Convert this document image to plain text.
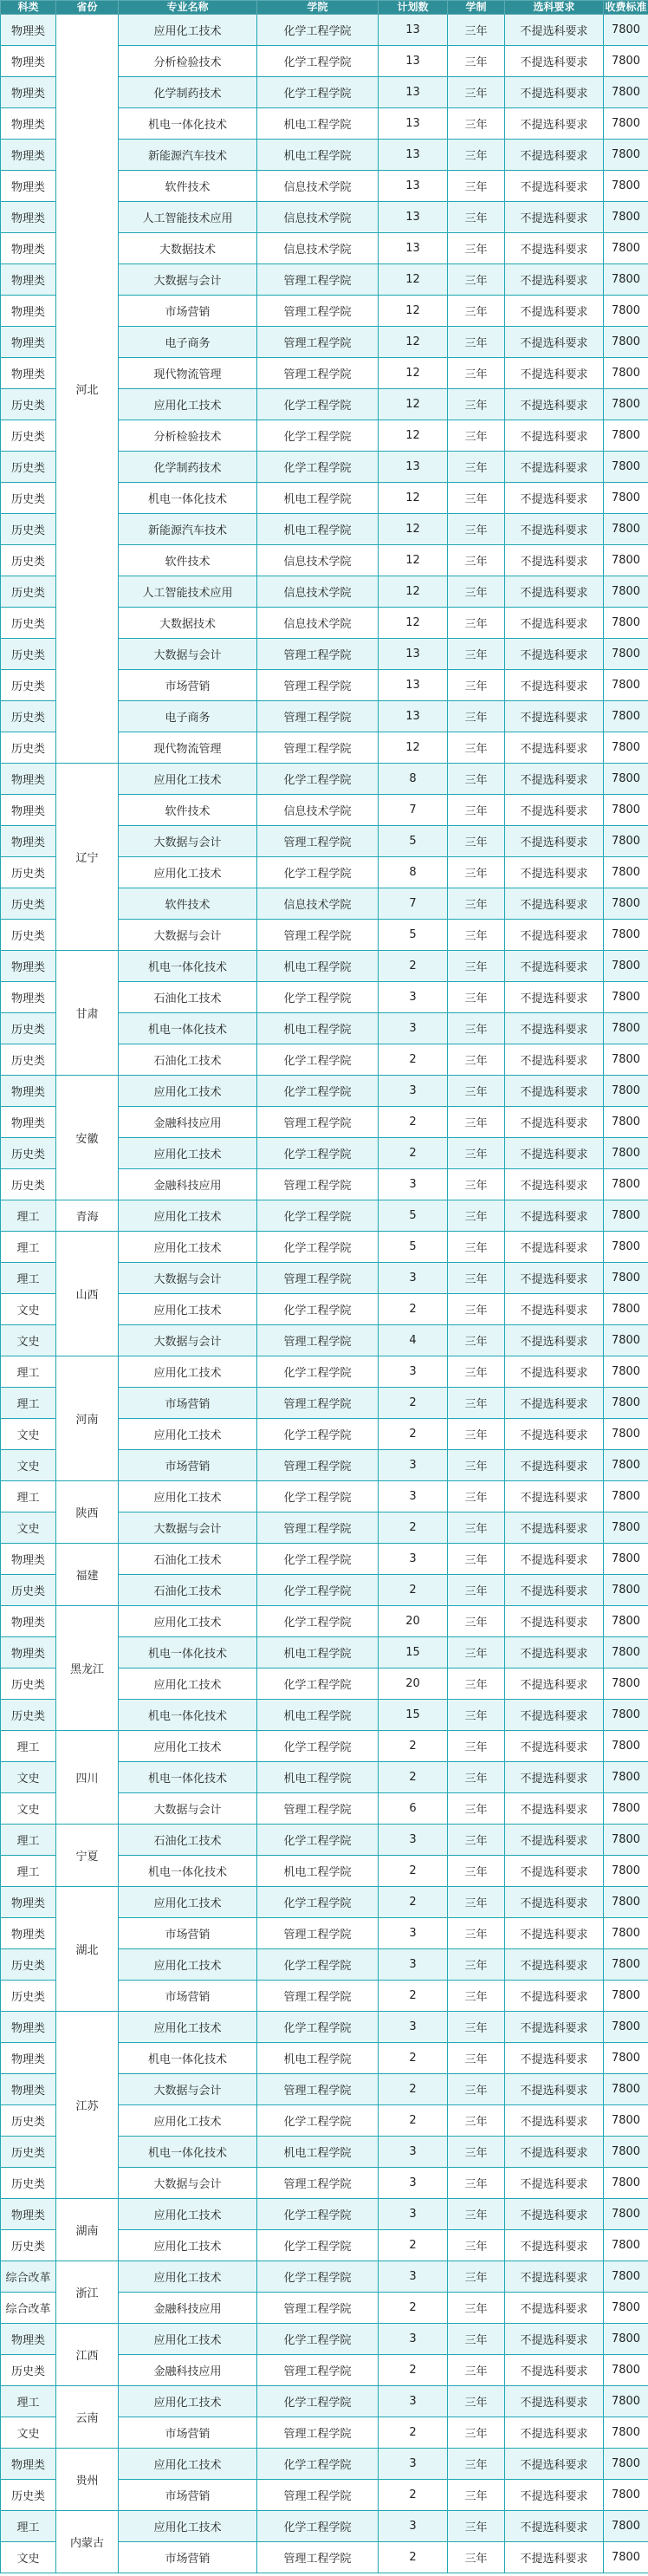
科类	省份	专业名称	学院	计划数	学制	选科要求	收费标准
物理类	河北	应用化工技术	化学工程学院	13	三年	不提选科要求	7800
物理类		分析检验技术	化学工程学院	13	三年	不提选科要求	7800
物理类		化学制药技术	化学工程学院	13	三年	不提选科要求	7800
物理类		机电一体化技术	机电工程学院	13	三年	不提选科要求	7800
物理类		新能源汽车技术	机电工程学院	13	三年	不提选科要求	7800
物理类		软件技术	信息技术学院	13	三年	不提选科要求	7800
物理类		人工智能技术应用	信息技术学院	13	三年	不提选科要求	7800
物理类		大数据技术	信息技术学院	13	三年	不提选科要求	7800
物理类		大数据与会计	管理工程学院	12	三年	不提选科要求	7800
物理类		市场营销	管理工程学院	12	三年	不提选科要求	7800
物理类		电子商务	管理工程学院	12	三年	不提选科要求	7800
物理类		现代物流管理	管理工程学院	12	三年	不提选科要求	7800
历史类		应用化工技术	化学工程学院	12	三年	不提选科要求	7800
历史类		分析检验技术	化学工程学院	12	三年	不提选科要求	7800
历史类		化学制药技术	化学工程学院	13	三年	不提选科要求	7800
历史类		机电一体化技术	机电工程学院	12	三年	不提选科要求	7800
历史类		新能源汽车技术	机电工程学院	12	三年	不提选科要求	7800
历史类		软件技术	信息技术学院	12	三年	不提选科要求	7800
历史类		人工智能技术应用	信息技术学院	12	三年	不提选科要求	7800
历史类		大数据技术	信息技术学院	12	三年	不提选科要求	7800
历史类		大数据与会计	管理工程学院	13	三年	不提选科要求	7800
历史类		市场营销	管理工程学院	13	三年	不提选科要求	7800
历史类		电子商务	管理工程学院	13	三年	不提选科要求	7800
历史类		现代物流管理	管理工程学院	12	三年	不提选科要求	7800
物理类	辽宁	应用化工技术	化学工程学院	8	三年	不提选科要求	7800
物理类		软件技术	信息技术学院	7	三年	不提选科要求	7800
物理类		大数据与会计	管理工程学院	5	三年	不提选科要求	7800
历史类		应用化工技术	化学工程学院	8	三年	不提选科要求	7800
历史类		软件技术	信息技术学院	7	三年	不提选科要求	7800
历史类		大数据与会计	管理工程学院	5	三年	不提选科要求	7800
物理类	甘肃	机电一体化技术	机电工程学院	2	三年	不提选科要求	7800
物理类		石油化工技术	化学工程学院	3	三年	不提选科要求	7800
历史类		机电一体化技术	机电工程学院	3	三年	不提选科要求	7800
历史类		石油化工技术	化学工程学院	2	三年	不提选科要求	7800
物理类	安徽	应用化工技术	化学工程学院	3	三年	不提选科要求	7800
物理类		金融科技应用	管理工程学院	2	三年	不提选科要求	7800
历史类		应用化工技术	化学工程学院	2	三年	不提选科要求	7800
历史类		金融科技应用	管理工程学院	3	三年	不提选科要求	7800
理工	青海	应用化工技术	化学工程学院	5	三年	不提选科要求	7800
理工	山西	应用化工技术	化学工程学院	5	三年	不提选科要求	7800
理工		大数据与会计	管理工程学院	3	三年	不提选科要求	7800
文史		应用化工技术	化学工程学院	2	三年	不提选科要求	7800
文史		大数据与会计	管理工程学院	4	三年	不提选科要求	7800
理工	河南	应用化工技术	化学工程学院	3	三年	不提选科要求	7800
理工		市场营销	管理工程学院	2	三年	不提选科要求	7800
文史		应用化工技术	化学工程学院	2	三年	不提选科要求	7800
文史		市场营销	管理工程学院	3	三年	不提选科要求	7800
理工	陕西	应用化工技术	化学工程学院	3	三年	不提选科要求	7800
文史		大数据与会计	管理工程学院	2	三年	不提选科要求	7800
物理类	福建	石油化工技术	化学工程学院	3	三年	不提选科要求	7800
历史类		石油化工技术	化学工程学院	2	三年	不提选科要求	7800
物理类	黑龙江	应用化工技术	化学工程学院	20	三年	不提选科要求	7800
物理类		机电一体化技术	机电工程学院	15	三年	不提选科要求	7800
历史类		应用化工技术	化学工程学院	20	三年	不提选科要求	7800
历史类		机电一体化技术	机电工程学院	15	三年	不提选科要求	7800
理工	四川	应用化工技术	化学工程学院	2	三年	不提选科要求	7800
文史		机电一体化技术	机电工程学院	2	三年	不提选科要求	7800
文史		大数据与会计	管理工程学院	6	三年	不提选科要求	7800
理工	宁夏	石油化工技术	化学工程学院	3	三年	不提选科要求	7800
理工		机电一体化技术	机电工程学院	2	三年	不提选科要求	7800
物理类	湖北	应用化工技术	化学工程学院	2	三年	不提选科要求	7800
物理类		市场营销	管理工程学院	3	三年	不提选科要求	7800
历史类		应用化工技术	化学工程学院	3	三年	不提选科要求	7800
历史类		市场营销	管理工程学院	2	三年	不提选科要求	7800
物理类	江苏	应用化工技术	化学工程学院	3	三年	不提选科要求	7800
物理类		机电一体化技术	机电工程学院	2	三年	不提选科要求	7800
物理类		大数据与会计	管理工程学院	2	三年	不提选科要求	7800
历史类		应用化工技术	化学工程学院	2	三年	不提选科要求	7800
历史类		机电一体化技术	机电工程学院	3	三年	不提选科要求	7800
历史类		大数据与会计	管理工程学院	3	三年	不提选科要求	7800
物理类	湖南	应用化工技术	化学工程学院	3	三年	不提选科要求	7800
历史类		应用化工技术	化学工程学院	2	三年	不提选科要求	7800
综合改革	浙江	应用化工技术	化学工程学院	3	三年	不提选科要求	7800
综合改革		金融科技应用	管理工程学院	2	三年	不提选科要求	7800
物理类	江西	应用化工技术	化学工程学院	3	三年	不提选科要求	7800
历史类		金融科技应用	管理工程学院	2	三年	不提选科要求	7800
理工	云南	应用化工技术	化学工程学院	3	三年	不提选科要求	7800
文史		市场营销	管理工程学院	2	三年	不提选科要求	7800
物理类	贵州	应用化工技术	化学工程学院	3	三年	不提选科要求	7800
历史类		市场营销	管理工程学院	2	三年	不提选科要求	7800
理工	内蒙古	应用化工技术	化学工程学院	3	三年	不提选科要求	7800
文史		市场营销	管理工程学院	2	三年	不提选科要求	7800
